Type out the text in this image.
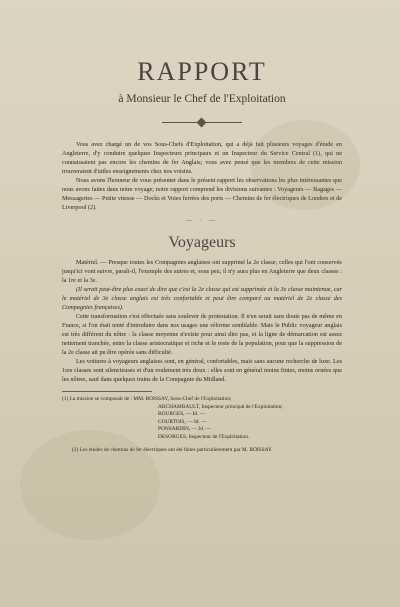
RAPPORT
à Monsieur le Chef de l'Exploitation

Vous avez chargé un de vos Sous-Chefs d'Exploitation, qui a déjà fait plusieurs voyages d'étude en Angleterre, d'y conduire quelques Inspecteurs principaux et un Inspecteur du Service Central (1), qui ne connaissaient pas encore les chemins de fer Anglais; vous avez pensé que les membres de cette mission trouveraient d'utiles enseignements chez nos voisins.

Nous avons l'honneur de vous présenter dans le présent rapport les observations les plus intéressantes que nous avons faites dans notre voyage; notre rapport comprend les divisions suivantes : Voyageurs — Bagages — Messageries — Petite vitesse — Docks et Voies ferrées des ports — Chemins de fer électriques de Londres et de Liverpool (2).

— · —
Voyageurs

Matériel. — Presque toutes les Compagnies anglaises ont supprimé la 2e classe; celles qui l'ont conservée jusqu'ici vont suivre, paraît-il, l'exemple des autres et, sous peu, il n'y aura plus en Angleterre que deux classes : la 1re et la 3e.

(Il serait peut-être plus exact de dire que c'est la 2e classe qui est supprimée et la 3e classe maintenue, car le matériel de 3e classe anglais est très confortable et peut être comparé au matériel de 2e classe des Compagnies françaises).

Cette transformation s'est effectuée sans soulever de protestation. Il n'en serait sans doute pas de même en France, si l'on était tenté d'introduire dans nos usages une réforme semblable. Mais le Public voyageur anglais est très différent du nôtre : la classe moyenne n'existe pour ainsi dire pas, et la ligne de démarcation est assez nettement tranchée, entre la classe aristocratique et riche et le reste de la population, pour que la suppression de la 2e classe ait pu être opérée sans difficulté.

Les voitures à voyageurs anglaises sont, en général, confortables, mais sans aucune recherche de luxe. Les 1res classes sont silencieuses et d'un roulement très doux : elles sont en général moins finies, moins ornées que les nôtres, sauf dans quelques trains de la Compagnie du Midland.

(1) La mission se composait de : MM. BOISSAY, Sous-Chef de l'Exploitation;

ARCHAMBAULT, Inspecteur principal de l'Exploitation;
BOURGES, — Id. —
COURTOIS, — Id. —
PONSARDIN, — Id. —
DESORGES, Inspecteur de l'Exploitation.

(2) Les études de chemins de fer électriques ont été faites particulièrement par M. BOISSAY.
